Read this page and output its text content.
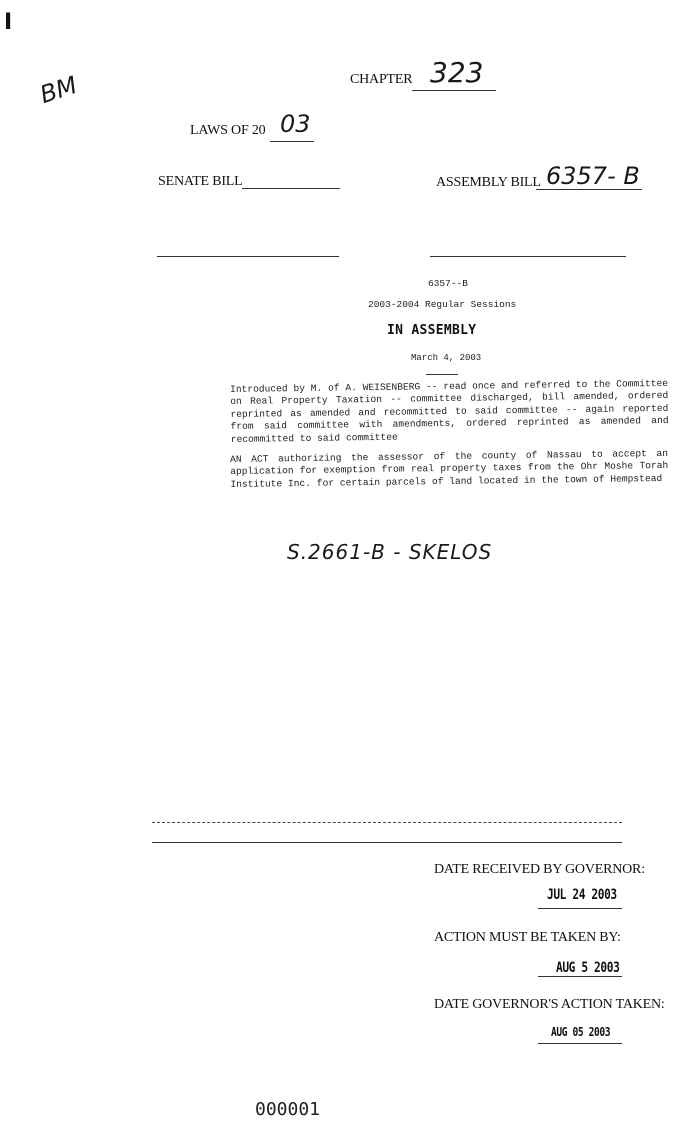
I
BM	CHAPTER 323
LAWS OF 20 03
SENATE BILL	ASSEMBLY BILL 6357- B
6357--B
2003-2004 Regular Sessions
IN ASSEMBLY
March 4, 2003
Introduced by M. of A. WEISENBERG -- read once and referred to the Committee on Real Property Taxation -- committee discharged, bill amended, ordered reprinted as amended and recommitted to said committee -- again reported from said committee with amendments, ordered reprinted as amended and recommitted to said committee
AN ACT authorizing the assessor of the county of Nassau to accept an application for exemption from real property taxes from the Ohr Moshe Torah Institute Inc. for certain parcels of land located in the town of Hempstead
S.2661-B - SKELOS
DATE RECEIVED BY GOVERNOR:
JUL 24 2003
ACTION MUST BE TAKEN BY:
AUG 5 2003
DATE GOVERNOR'S ACTION TAKEN:
AUG 05 2003
000001
